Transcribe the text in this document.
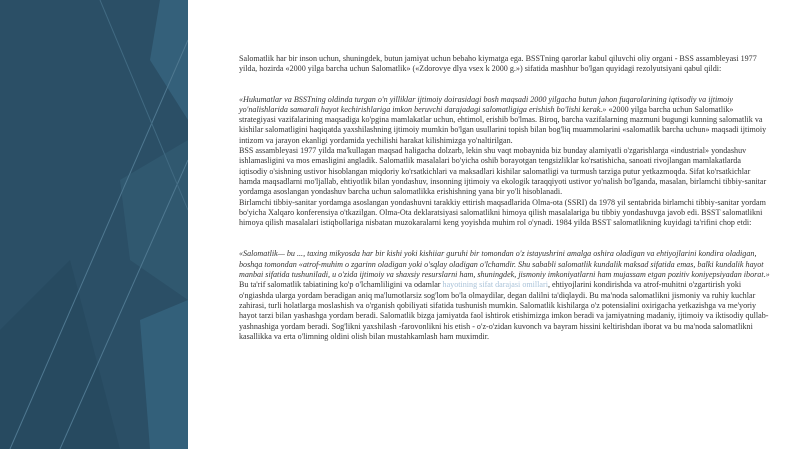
Salomatlik har bir inson uchun, shuningdek, butun jamiyat uchun bebaho kiymatga ega. BSSTning qarorlar kabul qiluvchi oliy organi - BSS assambleyasi 1977 yilda, hozirda «2000 yilga barcha uchun Salomatlik» («Zdorovye dlya vsex k 2000 g.») sifatida mashhur bo'lgan quyidagi rezolyutsiyani qabul qildi:

«Hukumatlar va BSSTning oldinda turgan o'n yilliklar ijtimoiy doirasidagi bosh maqsadi 2000 yilgacha butun jahon fuqarolarining iqtisodiy va ijtimoiy yo'nalishlarida samarali hayot kechirishlariga imkon beruvchi darajadagi salomatligiga erishish bo'lishi kerak.» «2000 yilga barcha uchun Salomatlik» strategiyasi vazifalarining maqsadiga ko'pgina mamlakatlar uchun, ehtimol, erishib bo'lmas. Biroq, barcha vazifalarning mazmuni bugungi kunning salomatlik va kishilar salomatligini haqiqatda yaxshilashning ijtimoiy mumkin bo'lgan usullarini topish bilan bog'liq muammolarini «salomatlik barcha uchun» maqsadi ijtimoiy intizom va jarayon ekanligi yordamida yechilishi harakat kilishimizga yo'naltirilgan.

BSS assambleyasi 1977 yilda ma'kullagan maqsad haligacha dolzarb, lekin shu vaqt mobaynida biz bunday alamiyatli o'zgarishlarga «industrial» yondashuv ishlamasligini va mos emasligini angladik. Salomatlik masalalari bo'yicha oshib borayotgan tengsizliklar ko'rsatishicha, sanoati rivojlangan mamlakatlarda iqtisodiy o'sishning ustivor hisoblangan miqdoriy ko'rsatkichlari va maksadlari kishilar salomatligi va turmush tarziga putur yetkazmoqda. Sifat ko'rsatkichlar hamda maqsadlarni mo'ljallab, ehtiyotlik bilan yondashuv, insonning ijtimoiy va ekologik taraqqiyoti ustivor yo'nalish bo'lganda, masalan, birlamchi tibbiy-sanitar yordamga asoslangan yondashuv barcha uchun salomatlikka erishishning yana bir yo'li hisoblanadi.

Birlamchi tibbiy-sanitar yordamga asoslangan yondashuvni tarakkiy ettirish maqsadlarida Olma-ota (SSRI) da 1978 yil sentabrida birlamchi tibbiy-sanitar yordam bo'yicha Xalqaro konferensiya o'tkazilgan. Olma-Ota deklaratsiyasi salomatlikni himoya qilish masalalariga bu tibbiy yondashuvga javob edi. BSST salomatlikni himoya qilish masalalari istiqbollariga nisbatan muzokaralarni keng yoyishda muhim rol o'ynadi. 1984 yilda BSST salomatlikning kuyidagi ta'rifini chop etdi:

«Salomatlik— bu ..., taxing mikyosda har bir kishi yoki kishiiar guruhi bir tomondan o'z istayushrini amalga oshira oladigan va ehtiyojlarini kondira oladigan, boshqa tomondan «atrof-muhim o zgarinn oladigan yoki o'sqlay oladigan o'lchamdir. Shu sababli salomatlik kundalik maksad sifatida emas, balki kundalik hayot manbai sifatida tushuniladi, u o'zida ijtimoiy va shaxsiy resurslarni ham, shuningdek, jismoniy imkoniyatlarni ham mujassam etgan pozitiv koniyepsiyadan iborat.»

Bu ta'rif salomatlik tabiatining ko'p o'lchamliligini va odamlar hayotining sifat darajasi omillari, ehtiyojlarini kondirishda va atrof-muhitni o'zgartirish yoki o'ngiashda ularga yordam beradigan aniq ma'lumotlarsiz sog'lom bo'la olmaydilar, degan dalilni ta'diqlaydi. Bu ma'noda salomatlikni jismoniy va ruhiy kuchlar zahirasi, turli holatlarga moslashish va o'rganish qobiliyati sifatida tushunish mumkin. Salomatlik kishilarga o'z potensialini oxirigacha yetkazishga va me'yoriy hayot tarzi bilan yashashga yordam beradi. Salomatlik bizga jamiyatda faol ishtirok etishimizga imkon beradi va jamiyatning madaniy, ijtimoiy va iktisodiy qullab-yashnashiga yordam beradi. Sog'likni yaxshilash -farovonlikni his etish - o'z-o'zidan kuvonch va bayram hissini keltirishdan iborat va bu ma'noda salomatlikni kasallikka va erta o'limning oldini olish bilan mustahkamlash ham muximdir.
